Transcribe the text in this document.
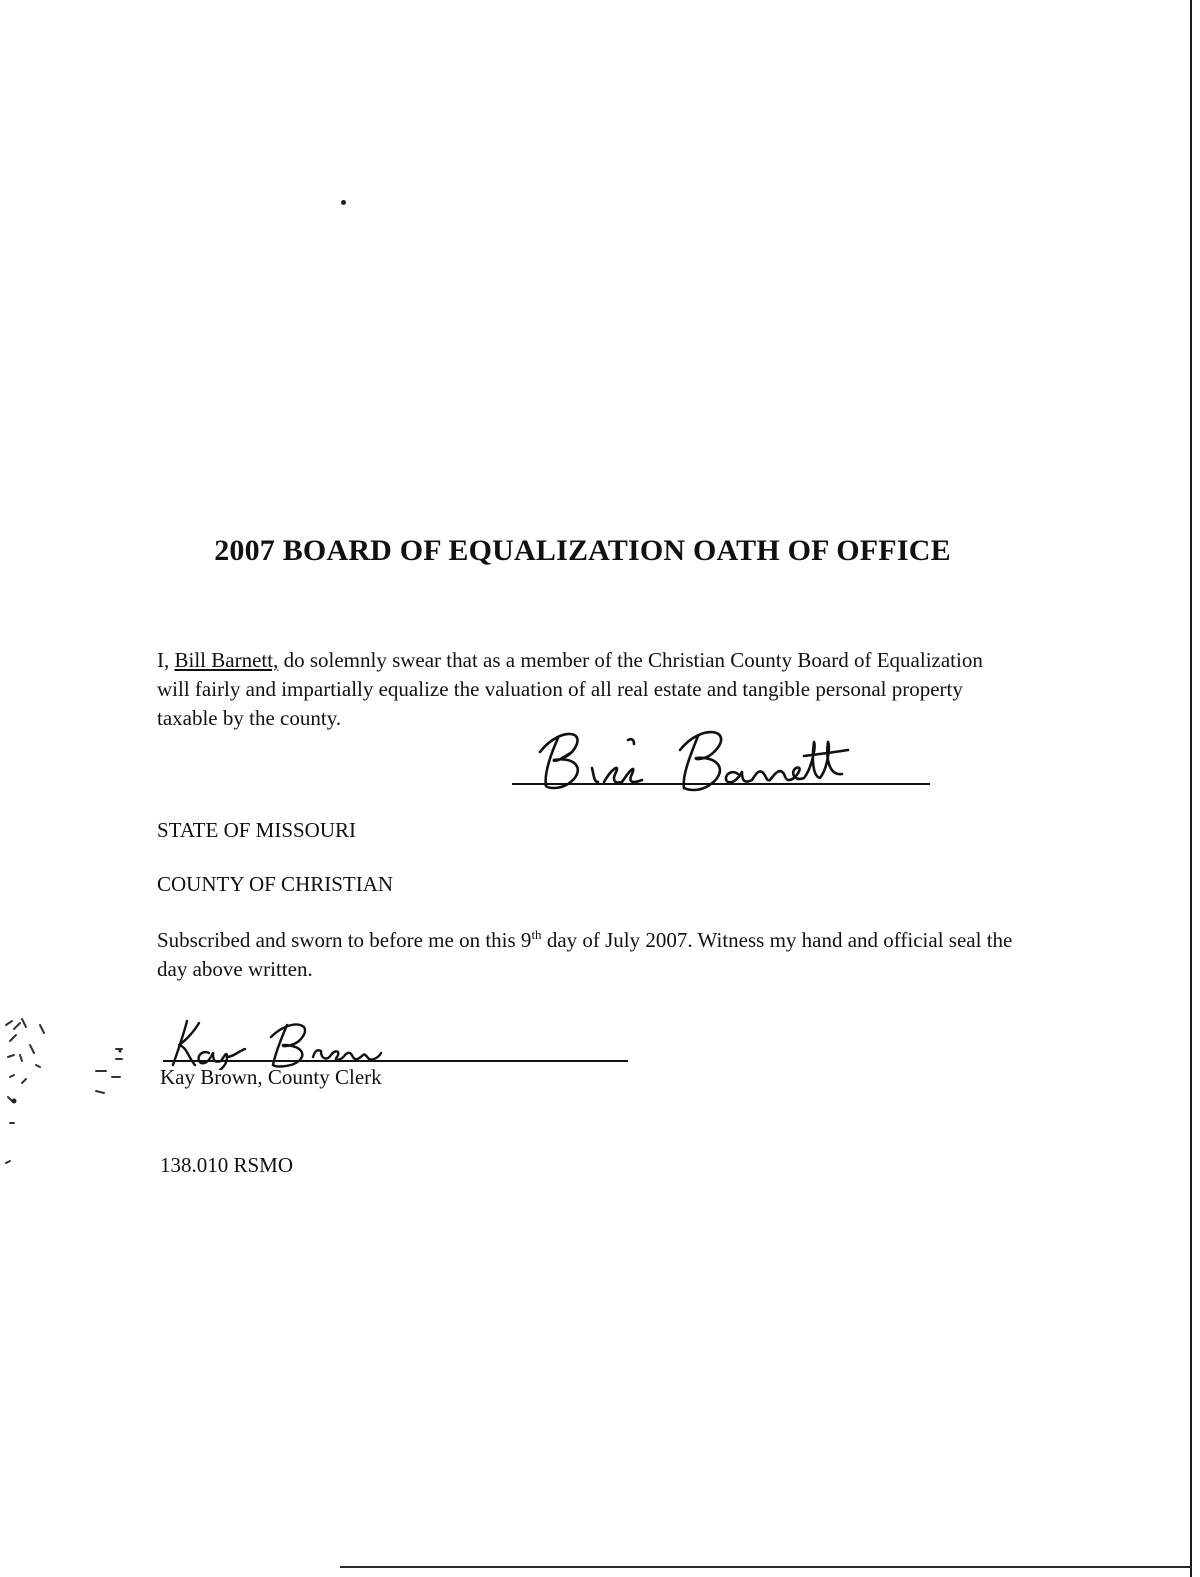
2007 BOARD OF EQUALIZATION OATH OF OFFICE
I, Bill Barnett, do solemnly swear that as a member of the Christian County Board of Equalization will fairly and impartially equalize the valuation of all real estate and tangible personal property taxable by the county.
STATE OF MISSOURI
COUNTY OF CHRISTIAN
Subscribed and sworn to before me on this 9th day of July 2007. Witness my hand and official seal the day above written.
Kay Brown, County Clerk
138.010 RSMO
